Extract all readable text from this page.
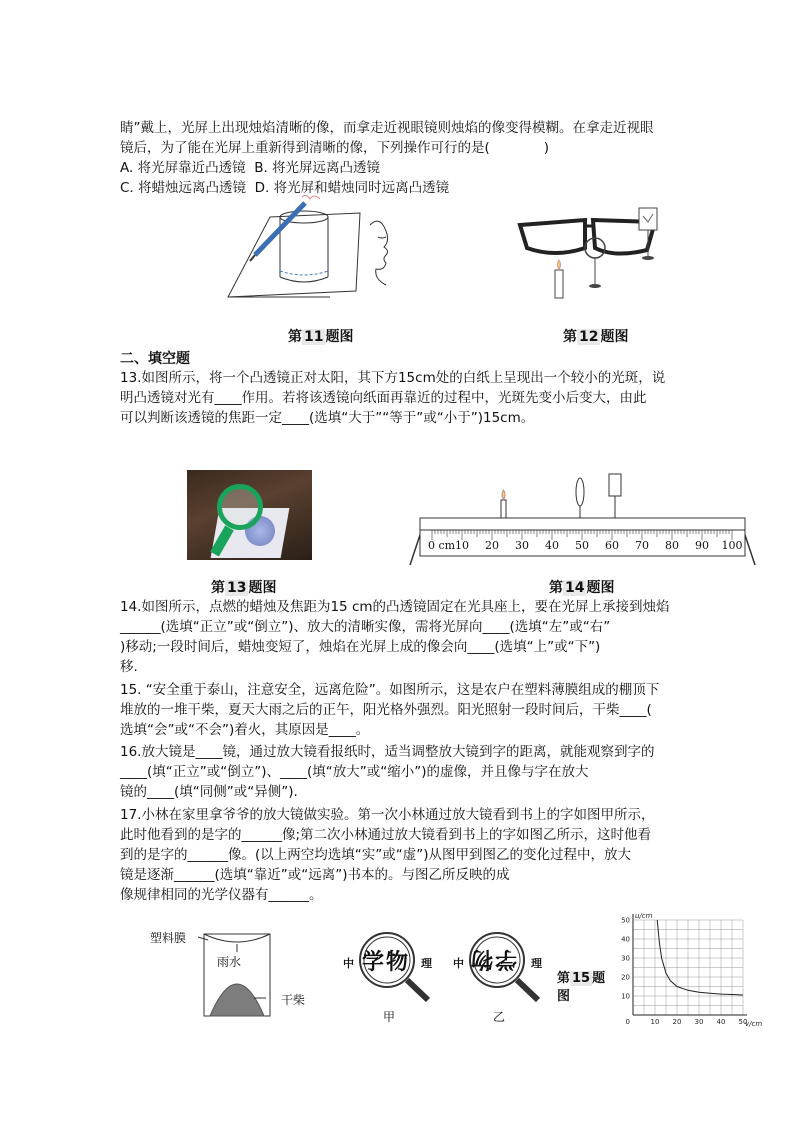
睛”戴上，光屏上出现烛焰清晰的像，而拿走近视眼镜则烛焰的像变得模糊。在拿走近视眼
镜后，为了能在光屏上重新得到清晰的像，下列操作可行的是(	)
A. 将光屏靠近凸透镜 B. 将光屏远离凸透镜
C. 将蜡烛远离凸透镜 D. 将光屏和蜡烛同时远离凸透镜
第 11 题图	第 12 题图
二、填空题
13.如图所示，将一个凸透镜正对太阳，其下方15cm处的白纸上呈现出一个较小的光斑，说
明凸透镜对光有____作用。若将该透镜向纸面再靠近的过程中，光斑先变小后变大，由此
可以判断该透镜的焦距一定____(选填“大于”“等于”或“小于”)15cm。
0 cm 10 20 30 40 50 60 70 80 90 100
第 13 题图	第 14 题图
14.如图所示，点燃的蜡烛及焦距为15 cm的凸透镜固定在光具座上，要在光屏上承接到烛焰
______(选填“正立”或“倒立”)、放大的清晰实像，需将光屏向____(选填“左”或“右”
)移动;一段时间后，蜡烛变短了，烛焰在光屏上成的像会向____(选填“上”或“下”)
移.
15. “安全重于泰山，注意安全，远离危险”。如图所示，这是农户在塑料薄膜组成的棚顶下
堆放的一堆干柴，夏天大雨之后的正午，阳光格外强烈。阳光照射一段时间后，干柴____(
选填“会”或“不会”)着火，其原因是____。
16.放大镜是____镜，通过放大镜看报纸时，适当调整放大镜到字的距离，就能观察到字的
____(填“正立”或“倒立”)、____(填“放大”或“缩小”)的虚像，并且像与字在放大
镜的____(填“同侧”或“异侧”).
17.小林在家里拿爷爷的放大镜做实验。第一次小林通过放大镜看到书上的字如图甲所示，
此时他看到的是字的______像;第二次小林通过放大镜看到书上的字如图乙所示，这时他看
到的是字的______像。(以上两空均选填“实”或“虚”)从图甲到图乙的变化过程中，放大
镜是逐渐______(选填“靠近”或“远离”)书本的。与图乙所反映的成
像规律相同的光学仪器有______。
塑料膜
雨水
干柴
中 学 物 理
甲
中 物 学 理
乙
第 15 题
图
10 20 30 40 50
10
20
30
40
50
0
u/cm
v/cm
